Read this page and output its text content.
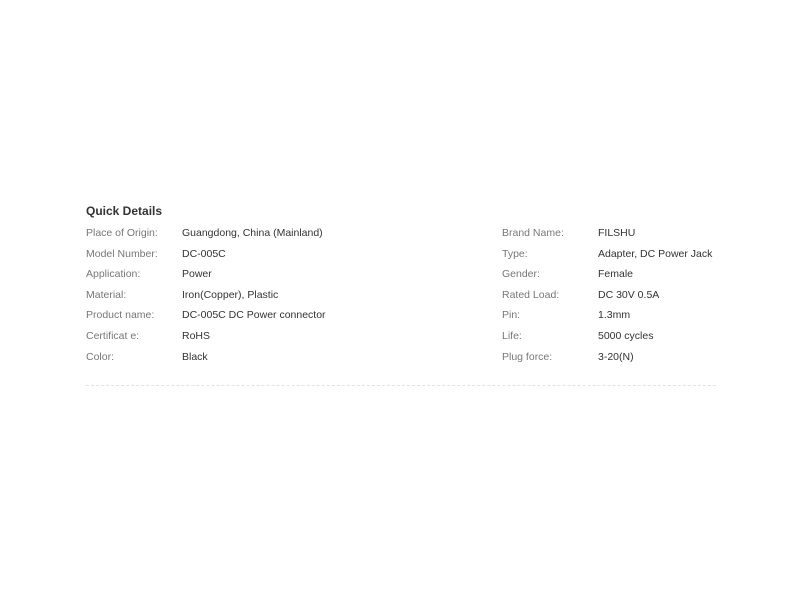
Quick Details
Place of Origin:	Guangdong, China (Mainland)
Model Number:	DC-005C
Application:	Power
Material:	Iron(Copper), Plastic
Product name:	DC-005C DC Power connector
Certificat e:	RoHS
Color:	Black
Brand Name:	FILSHU
Type:	Adapter, DC Power Jack
Gender:	Female
Rated Load:	DC 30V 0.5A
Pin:	1.3mm
Life:	5000 cycles
Plug force:	3-20(N)
